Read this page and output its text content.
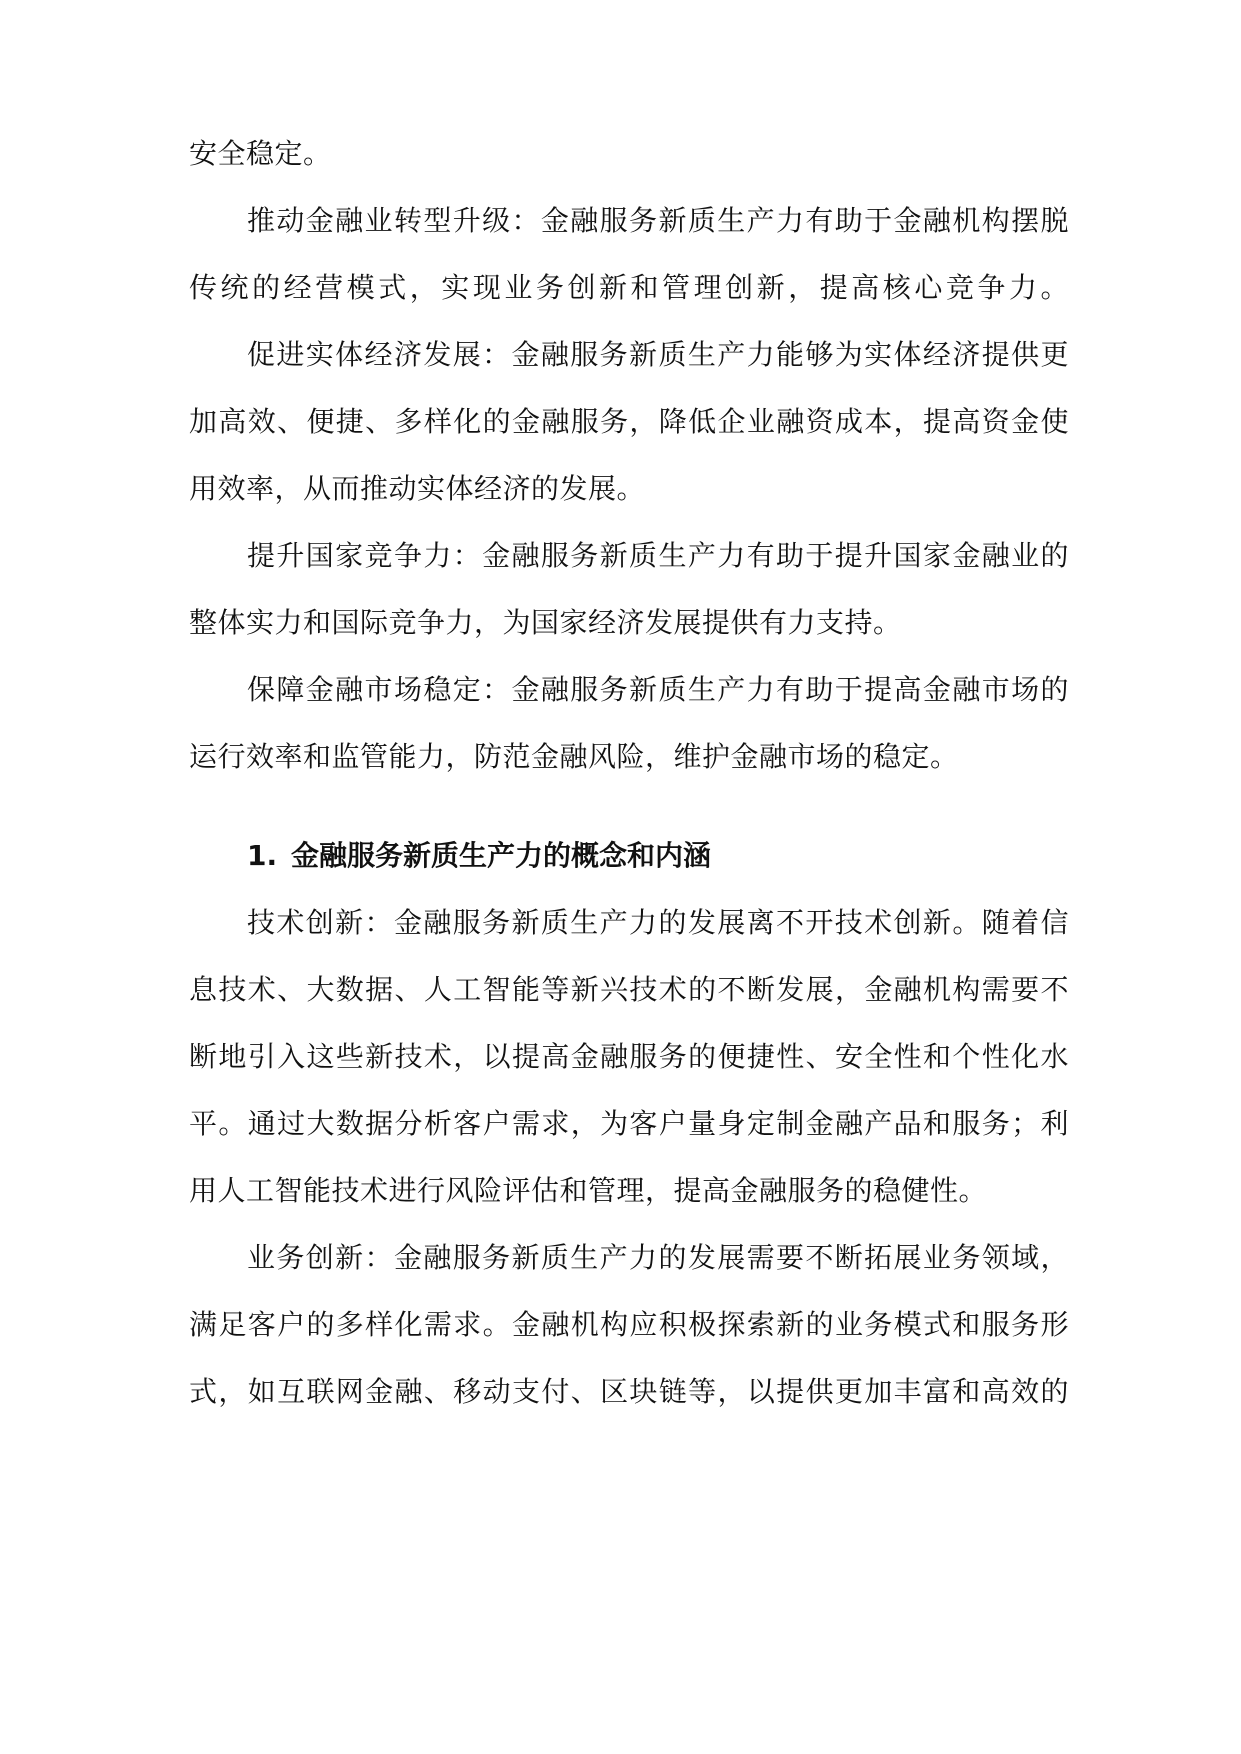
安全稳定。
推动金融业转型升级：金融服务新质生产力有助于金融机构摆脱
传统的经营模式，实现业务创新和管理创新，提高核心竞争力。
促进实体经济发展：金融服务新质生产力能够为实体经济提供更
加高效、便捷、多样化的金融服务，降低企业融资成本，提高资金使
用效率，从而推动实体经济的发展。
提升国家竞争力：金融服务新质生产力有助于提升国家金融业的
整体实力和国际竞争力，为国家经济发展提供有力支持。
保障金融市场稳定：金融服务新质生产力有助于提高金融市场的
运行效率和监管能力，防范金融风险，维护金融市场的稳定。
1. 金融服务新质生产力的概念和内涵
技术创新：金融服务新质生产力的发展离不开技术创新。随着信
息技术、大数据、人工智能等新兴技术的不断发展，金融机构需要不
断地引入这些新技术，以提高金融服务的便捷性、安全性和个性化水
平。通过大数据分析客户需求，为客户量身定制金融产品和服务；利
用人工智能技术进行风险评估和管理，提高金融服务的稳健性。
业务创新：金融服务新质生产力的发展需要不断拓展业务领域，
满足客户的多样化需求。金融机构应积极探索新的业务模式和服务形
式，如互联网金融、移动支付、区块链等，以提供更加丰富和高效的
